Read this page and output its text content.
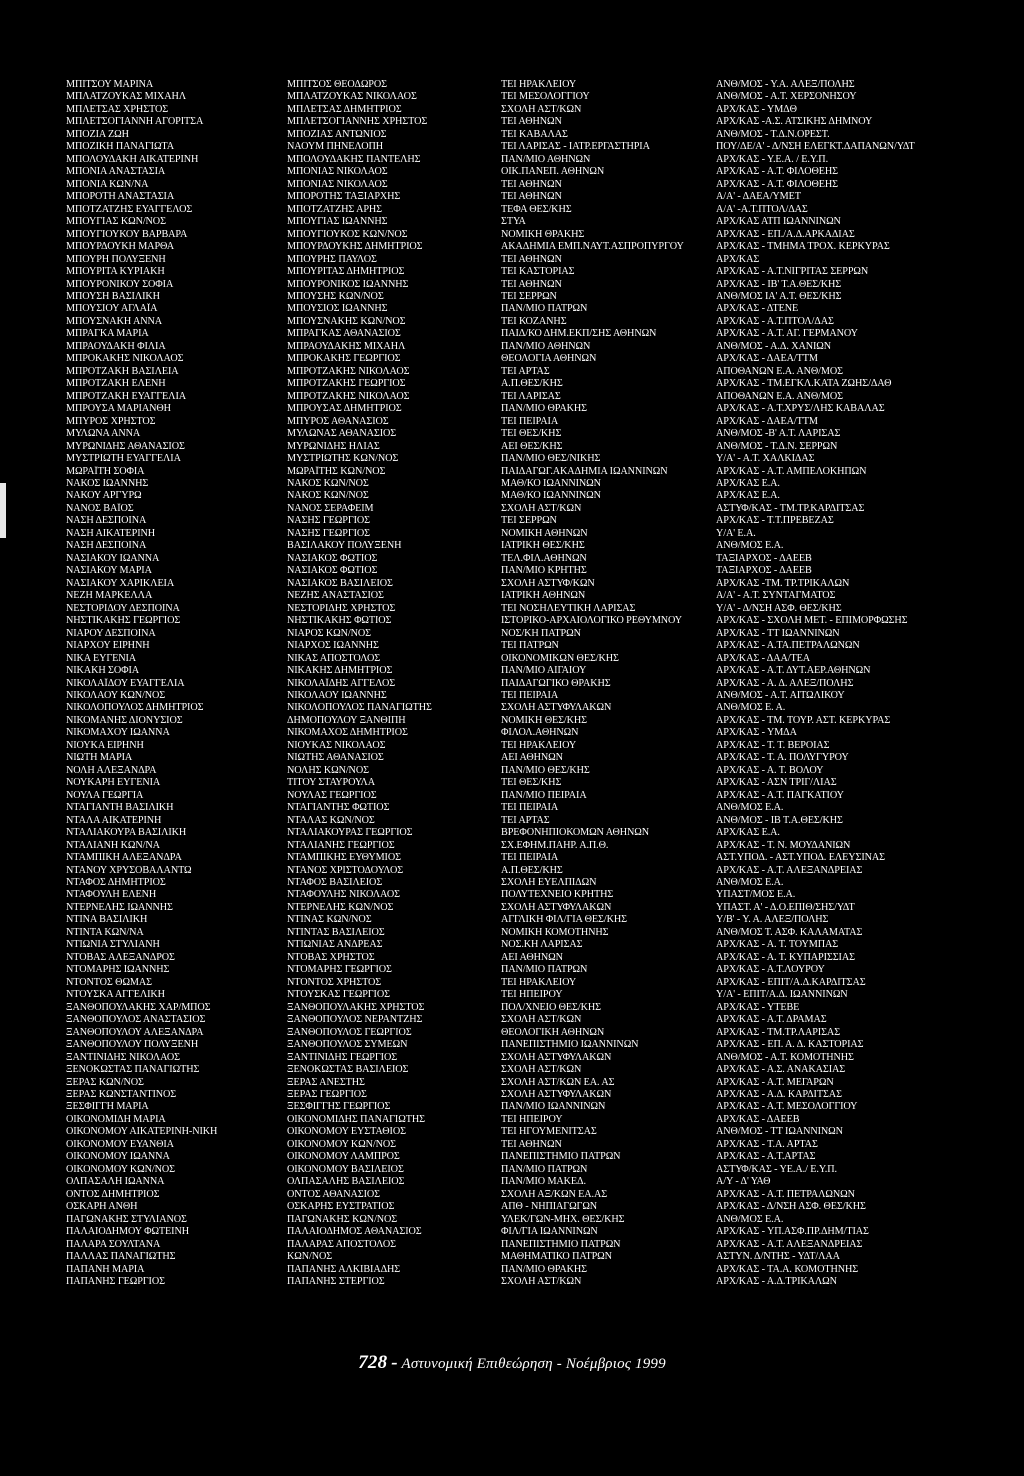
ΜΠΙΤΣΟΥ ΜΑΡΙΝΑ	ΜΠΙΤΣΟΣ ΘΕΟΔΩΡΟΣ	ΤΕΙ ΗΡΑΚΛΕΙΟΥ	ΑΝΘ/ΜΟΣ - Υ.Α. ΑΛΕΞ/ΠΟΛΗΣ
ΜΠΛΑΤΖΟΥΚΑΣ ΜΙΧΑΗΛ	ΜΠΛΑΤΖΟΥΚΑΣ ΝΙΚΟΛΑΟΣ	ΤΕΙ ΜΕΣΟΛΟΓΓΙΟΥ	ΑΝΘ/ΜΟΣ - Α.Τ. ΧΕΡΣΟΝΗΣΟΥ
ΜΠΛΕΤΣΑΣ ΧΡΗΣΤΟΣ	ΜΠΛΕΤΣΑΣ ΔΗΜΗΤΡΙΟΣ	ΣΧΟΛΗ ΑΣΤ/ΚΩΝ	ΑΡΧ/ΚΑΣ - ΥΜΔΘ
ΜΠΛΕΤΣΟΓΙΑΝΝΗ ΑΓΟΡΙΤΣΑ	ΜΠΛΕΤΣΟΓΙΑΝΝΗΣ ΧΡΗΣΤΟΣ	ΤΕΙ ΑΘΗΝΩΝ	ΑΡΧ/ΚΑΣ -Α.Σ. ΑΤΣΙΚΗΣ ΔΗΜΝΟΥ
ΜΠΟΖΙΑ ΖΩΗ	ΜΠΟΖΙΑΣ ΑΝΤΩΝΙΟΣ	ΤΕΙ ΚΑΒΑΛΑΣ	ΑΝΘ/ΜΟΣ - Τ.Δ.Ν.ΟΡΕΣΤ.
ΜΠΟΖΙΚΗ ΠΑΝΑΓΙΩΤΑ	ΝΑΟΥΜ ΠΗΝΕΛΟΠΗ	ΤΕΙ ΛΑΡΙΣΑΣ - ΙΑΤΡ.ΕΡΓΑΣΤΗΡΙΑ	ΠΟΥ/ΔΕ/Α' - Δ/ΝΣΗ ΕΛΕΓΚΤ.ΔΑΠΑΝΩΝ/ΥΔΤ
ΜΠΟΛΟΥΔΑΚΗ ΑΙΚΑΤΕΡΙΝΗ	ΜΠΟΛΟΥΔΑΚΗΣ ΠΑΝΤΕΛΗΣ	ΠΑΝ/ΜΙΟ ΑΘΗΝΩΝ	ΑΡΧ/ΚΑΣ - Υ.Ε.Α. / Ε.Υ.Π.
ΜΠΟΝΙΑ ΑΝΑΣΤΑΣΙΑ	ΜΠΟΝΙΑΣ ΝΙΚΟΛΑΟΣ	ΟΙΚ.ΠΑΝΕΠ. ΑΘΗΝΩΝ	ΑΡΧ/ΚΑΣ - Α.Τ. ΦΙΛΟΘΕΗΣ
ΜΠΟΝΙΑ ΚΩΝ/ΝΑ	ΜΠΟΝΙΑΣ ΝΙΚΟΛΑΟΣ	ΤΕΙ ΑΘΗΝΩΝ	ΑΡΧ/ΚΑΣ - Α.Τ. ΦΙΛΟΘΕΗΣ
ΜΠΟΡΟΤΗ ΑΝΑΣΤΑΣΙΑ	ΜΠΟΡΟΤΗΣ ΤΑΞΙΑΡΧΗΣ	ΤΕΙ ΑΘΗΝΩΝ	Α/Α' - ΔΑΕΑ/ΥΜΕΤ
ΜΠΟΤΖΑΤΖΗΣ ΕΥΑΓΓΕΛΟΣ	ΜΠΟΤΖΑΤΖΗΣ ΑΡΗΣ	ΤΕΦΑ ΘΕΣ/ΚΗΣ	Α/Α' -Α.Τ.ΠΤΟΛ/ΔΑΣ
ΜΠΟΥΓΙΑΣ ΚΩΝ/ΝΟΣ	ΜΠΟΥΓΙΑΣ ΙΩΑΝΝΗΣ	ΣΤΥΑ	ΑΡΧ/ΚΑΣ ΑΤΠ ΙΩΑΝΝΙΝΩΝ
ΜΠΟΥΓΙΟΥΚΟΥ ΒΑΡΒΑΡΑ	ΜΠΟΥΓΙΟΥΚΟΣ ΚΩΝ/ΝΟΣ	ΝΟΜΙΚΗ ΘΡΑΚΗΣ	ΑΡΧ/ΚΑΣ - ΕΠ./Α.Δ.ΑΡΚΑΔΙΑΣ
ΜΠΟΥΡΔΟΥΚΗ ΜΑΡΘΑ	ΜΠΟΥΡΔΟΥΚΗΣ ΔΗΜΗΤΡΙΟΣ	ΑΚΑΔΗΜΙΑ ΕΜΠ.ΝΑΥΤ.ΑΣΠΡΟΠΥΡΓΟΥ	ΑΡΧ/ΚΑΣ - ΤΜΗΜΑ ΤΡΟΧ. ΚΕΡΚΥΡΑΣ
ΜΠΟΥΡΗ ΠΟΛΥΞΕΝΗ	ΜΠΟΥΡΗΣ ΠΑΥΛΟΣ	ΤΕΙ ΑΘΗΝΩΝ	ΑΡΧ/ΚΑΣ
ΜΠΟΥΡΙΤΑ ΚΥΡΙΑΚΗ	ΜΠΟΥΡΙΤΑΣ ΔΗΜΗΤΡΙΟΣ	ΤΕΙ ΚΑΣΤΟΡΙΑΣ	ΑΡΧ/ΚΑΣ - Α.Τ.ΝΙΓΡΙΤΑΣ ΣΕΡΡΩΝ
ΜΠΟΥΡΟΝΙΚΟΥ ΣΟΦΙΑ	ΜΠΟΥΡΟΝΙΚΟΣ ΙΩΑΝΝΗΣ	ΤΕΙ ΑΘΗΝΩΝ	ΑΡΧ/ΚΑΣ - ΙΒ' Τ.Α.ΘΕΣ/ΚΗΣ
ΜΠΟΥΣΗ ΒΑΣΙΛΙΚΗ	ΜΠΟΥΣΗΣ ΚΩΝ/ΝΟΣ	ΤΕΙ ΣΕΡΡΩΝ	ΑΝΘ/ΜΟΣ ΙΑ' Α.Τ. ΘΕΣ/ΚΗΣ
ΜΠΟΥΣΙΟΥ ΑΓΛΑΪΑ	ΜΠΟΥΣΙΟΣ ΙΩΑΝΝΗΣ	ΠΑΝ/ΜΙΟ ΠΑΤΡΩΝ	ΑΡΧ/ΚΑΣ - ΔΤΕΝΕ
ΜΠΟΥΣΝΑΚΗ ΑΝΝΑ	ΜΠΟΥΣΝΑΚΗΣ ΚΩΝ/ΝΟΣ	ΤΕΙ ΚΟΖΑΝΗΣ	ΑΡΧ/ΚΑΣ - Α.Τ.ΠΤΟΛ/ΔΑΣ
ΜΠΡΑΓΚΑ ΜΑΡΙΑ	ΜΠΡΑΓΚΑΣ ΑΘΑΝΑΣΙΟΣ	ΠΑΙΔ/ΚΟ ΔΗΜ.ΕΚΠ/ΣΗΣ ΑΘΗΝΩΝ	ΑΡΧ/ΚΑΣ - Α.Τ. ΑΓ. ΓΕΡΜΑΝΟΥ
ΜΠΡΑΟΥΔΑΚΗ ΦΙΛΙΑ	ΜΠΡΑΟΥΔΑΚΗΣ ΜΙΧΑΗΛ	ΠΑΝ/ΜΙΟ ΑΘΗΝΩΝ	ΑΝΘ/ΜΟΣ - Α.Δ. ΧΑΝΙΩΝ
ΜΠΡΟΚΑΚΗΣ ΝΙΚΟΛΑΟΣ	ΜΠΡΟΚΑΚΗΣ ΓΕΩΡΓΙΟΣ	ΘΕΟΛΟΓΙΑ ΑΘΗΝΩΝ	ΑΡΧ/ΚΑΣ - ΔΑΕΑ/ΤΤΜ
ΜΠΡΟΤΖΑΚΗ ΒΑΣΙΛΕΙΑ	ΜΠΡΟΤΖΑΚΗΣ ΝΙΚΟΛΑΟΣ	ΤΕΙ ΑΡΤΑΣ	ΑΠΟΘΑΝΩΝ Ε.Α. ΑΝΘ/ΜΟΣ
ΜΠΡΟΤΖΑΚΗ ΕΛΕΝΗ	ΜΠΡΟΤΖΑΚΗΣ ΓΕΩΡΓΙΟΣ	Α.Π.ΘΕΣ/ΚΗΣ	ΑΡΧ/ΚΑΣ - ΤΜ.ΕΓΚΛ.ΚΑΤΑ ΖΩΗΣ/ΔΑΘ
ΜΠΡΟΤΖΑΚΗ ΕΥΑΓΓΕΛΙΑ	ΜΠΡΟΤΖΑΚΗΣ ΝΙΚΟΛΑΟΣ	ΤΕΙ ΛΑΡΙΣΑΣ	ΑΠΟΘΑΝΩΝ Ε.Α. ΑΝΘ/ΜΟΣ
ΜΠΡΟΥΣΑ ΜΑΡΙΑΝΘΗ	ΜΠΡΟΥΣΑΣ ΔΗΜΗΤΡΙΟΣ	ΠΑΝ/ΜΙΟ ΘΡΑΚΗΣ	ΑΡΧ/ΚΑΣ - Α.Τ.ΧΡΥΣ/ΛΗΣ ΚΑΒΑΛΑΣ
ΜΠΥΡΟΣ ΧΡΗΣΤΟΣ	ΜΠΥΡΟΣ ΑΘΑΝΑΣΙΟΣ	ΤΕΙ ΠΕΙΡΑΙΑ	ΑΡΧ/ΚΑΣ - ΔΑΕΑ/ΤΤΜ
ΜΥΛΩΝΑ ΑΝΝΑ	ΜΥΛΩΝΑΣ ΑΘΑΝΑΣΙΟΣ	ΤΕΙ ΘΕΣ/ΚΗΣ	ΑΝΘ/ΜΟΣ -Β' Α.Τ. ΛΑΡΙΣΑΣ
ΜΥΡΩΝΙΔΗΣ ΑΘΑΝΑΣΙΟΣ	ΜΥΡΩΝΙΔΗΣ ΗΛΙΑΣ	ΑΕΙ ΘΕΣ/ΚΗΣ	ΑΝΘ/ΜΟΣ - Τ.Δ.Ν. ΣΕΡΡΩΝ
ΜΥΣΤΡΙΩΤΗ ΕΥΑΓΓΕΛΙΑ	ΜΥΣΤΡΙΩΤΗΣ ΚΩΝ/ΝΟΣ	ΠΑΝ/ΜΙΟ ΘΕΣ/ΝΙΚΗΣ	Υ/Α' - Α.Τ. ΧΑΛΚΙΔΑΣ
ΜΩΡΑΪΤΗ ΣΟΦΙΑ	ΜΩΡΑΪΤΗΣ ΚΩΝ/ΝΟΣ	ΠΑΙΔΑΓΩΓ.ΑΚΑΔΗΜΙΑ ΙΩΑΝΝΙΝΩΝ	ΑΡΧ/ΚΑΣ - Α.Τ. ΑΜΠΕΛΟΚΗΠΩΝ
ΝΑΚΟΣ ΙΩΑΝΝΗΣ	ΝΑΚΟΣ ΚΩΝ/ΝΟΣ	ΜΑΘ/ΚΟ ΙΩΑΝΝΙΝΩΝ	ΑΡΧ/ΚΑΣ Ε.Α.
ΝΑΚΟΥ ΑΡΓΥΡΩ	ΝΑΚΟΣ ΚΩΝ/ΝΟΣ	ΜΑΘ/ΚΟ ΙΩΑΝΝΙΝΩΝ	ΑΡΧ/ΚΑΣ Ε.Α.
ΝΑΝΟΣ ΒΑΪΟΣ	ΝΑΝΟΣ ΣΕΡΑΦΕΙΜ	ΣΧΟΛΗ ΑΣΤ/ΚΩΝ	ΑΣΤΥΦ/ΚΑΣ - ΤΜ.ΤΡ.ΚΑΡΔΙΤΣΑΣ
ΝΑΣΗ ΔΕΣΠΟΙΝΑ	ΝΑΣΗΣ ΓΕΩΡΓΙΟΣ	ΤΕΙ ΣΕΡΡΩΝ	ΑΡΧ/ΚΑΣ - Τ.Τ.ΠΡΕΒΕΖΑΣ
ΝΑΣΗ ΑΙΚΑΤΕΡΙΝΗ	ΝΑΣΗΣ ΓΕΩΡΓΙΟΣ	ΝΟΜΙΚΗ ΑΘΗΝΩΝ	Υ/Α' Ε.Α.
ΝΑΣΗ ΔΕΣΠΟΙΝΑ	ΒΑΣΙΛΑΚΟΥ ΠΟΛΥΞΕΝΗ	ΙΑΤΡΙΚΗ ΘΕΣ/ΚΗΣ	ΑΝΘ/ΜΟΣ Ε.Α.
ΝΑΣΙΑΚΟΥ ΙΩΑΝΝΑ	ΝΑΣΙΑΚΟΣ ΦΩΤΙΟΣ	ΤΕΛ.ΦΙΛ.ΑΘΗΝΩΝ	ΤΑΞΙΑΡΧΟΣ - ΔΑΕΕΒ
ΝΑΣΙΑΚΟΥ ΜΑΡΙΑ	ΝΑΣΙΑΚΟΣ ΦΩΤΙΟΣ	ΠΑΝ/ΜΙΟ ΚΡΗΤΗΣ	ΤΑΞΙΑΡΧΟΣ - ΔΑΕΕΒ
ΝΑΣΙΑΚΟΥ ΧΑΡΙΚΛΕΙΑ	ΝΑΣΙΑΚΟΣ ΒΑΣΙΛΕΙΟΣ	ΣΧΟΛΗ ΑΣΤΥΦ/ΚΩΝ	ΑΡΧ/ΚΑΣ -ΤΜ. ΤΡ.ΤΡΙΚΑΛΩΝ
ΝΕΖΗ ΜΑΡΚΕΛΛΑ	ΝΕΖΗΣ ΑΝΑΣΤΑΣΙΟΣ	ΙΑΤΡΙΚΗ ΑΘΗΝΩΝ	Α/Α' - Α.Τ. ΣΥΝΤΑΓΜΑΤΟΣ
ΝΕΣΤΟΡΙΔΟΥ ΔΕΣΠΟΙΝΑ	ΝΕΣΤΟΡΙΔΗΣ ΧΡΗΣΤΟΣ	ΤΕΙ ΝΟΣΗΛΕΥΤΙΚΗ ΛΑΡΙΣΑΣ	Υ/Α' - Δ/ΝΣΗ ΑΣΦ. ΘΕΣ/ΚΗΣ
ΝΗΣΤΙΚΑΚΗΣ ΓΕΩΡΓΙΟΣ	ΝΗΣΤΙΚΑΚΗΣ ΦΩΤΙΟΣ	ΙΣΤΟΡΙΚΟ-ΑΡΧΑΙΟΛΟΓΙΚΟ ΡΕΘΥΜΝΟΥ	ΑΡΧ/ΚΑΣ - ΣΧΟΛΗ ΜΕΤ. - ΕΠΙΜΟΡΦΩΣΗΣ
ΝΙΑΡΟΥ ΔΕΣΠΟΙΝΑ	ΝΙΑΡΟΣ ΚΩΝ/ΝΟΣ	ΝΟΣ/ΚΗ ΠΑΤΡΩΝ	ΑΡΧ/ΚΑΣ - ΤΤ ΙΩΑΝΝΙΝΩΝ
ΝΙΑΡΧΟΥ ΕΙΡΗΝΗ	ΝΙΑΡΧΟΣ ΙΩΑΝΝΗΣ	ΤΕΙ ΠΑΤΡΩΝ	ΑΡΧ/ΚΑΣ - Α.ΤΑ.ΠΕΤΡΑΛΩΝΩΝ
ΝΙΚΑ ΕΥΓΕΝΙΑ	ΝΙΚΑΣ ΑΠΟΣΤΟΛΟΣ	ΟΙΚΟΝΟΜΙΚΩΝ ΘΕΣ/ΚΗΣ	ΑΡΧ/ΚΑΣ - ΔΑΑ/ΤΕΑ
ΝΙΚΑΚΗ ΣΟΦΙΑ	ΝΙΚΑΚΗΣ ΔΗΜΗΤΡΙΟΣ	ΠΑΝ/ΜΙΟ ΑΙΓΑΙΟΥ	ΑΡΧ/ΚΑΣ - Α.Τ. ΔΥΤ.ΑΕΡ.ΑΘΗΝΩΝ
ΝΙΚΟΛΑΪΔΟΥ ΕΥΑΓΓΕΛΙΑ	ΝΙΚΟΛΑΪΔΗΣ ΑΓΓΕΛΟΣ	ΠΑΙΔΑΓΩΓΙΚΟ ΘΡΑΚΗΣ	ΑΡΧ/ΚΑΣ - Α. Δ. ΑΛΕΞ/ΠΟΛΗΣ
ΝΙΚΟΛΑΟΥ ΚΩΝ/ΝΟΣ	ΝΙΚΟΛΑΟΥ ΙΩΑΝΝΗΣ	ΤΕΙ ΠΕΙΡΑΙΑ	ΑΝΘ/ΜΟΣ - Α.Τ. ΑΙΤΩΛΙΚΟΥ
ΝΙΚΟΛΟΠΟΥΛΟΣ ΔΗΜΗΤΡΙΟΣ	ΝΙΚΟΛΟΠΟΥΛΟΣ ΠΑΝΑΓΙΩΤΗΣ	ΣΧΟΛΗ ΑΣΤΥΦΥΛΑΚΩΝ	ΑΝΘ/ΜΟΣ Ε. Α.
ΝΙΚΟΜΑΝΗΣ ΔΙΟΝΥΣΙΟΣ	ΔΗΜΟΠΟΥΛΟΥ ΞΑΝΘΙΠΗ	ΝΟΜΙΚΗ ΘΕΣ/ΚΗΣ	ΑΡΧ/ΚΑΣ - ΤΜ. ΤΟΥΡ. ΑΣΤ. ΚΕΡΚΥΡΑΣ
ΝΙΚΟΜΑΧΟΥ ΙΩΑΝΝΑ	ΝΙΚΟΜΑΧΟΣ ΔΗΜΗΤΡΙΟΣ	ΦΙΛΟΛ.ΑΘΗΝΩΝ	ΑΡΧ/ΚΑΣ - ΥΜΔΑ
ΝΙΟΥΚΑ ΕΙΡΗΝΗ	ΝΙΟΥΚΑΣ ΝΙΚΟΛΑΟΣ	ΤΕΙ ΗΡΑΚΛΕΙΟΥ	ΑΡΧ/ΚΑΣ - Τ. Τ. ΒΕΡΟΙΑΣ
ΝΙΩΤΗ ΜΑΡΙΑ	ΝΙΩΤΗΣ ΑΘΑΝΑΣΙΟΣ	ΑΕΙ ΑΘΗΝΩΝ	ΑΡΧ/ΚΑΣ - Τ. Α. ΠΟΛΥΓΥΡΟΥ
ΝΟΛΗ ΑΛΕΞΑΝΔΡΑ	ΝΟΛΗΣ ΚΩΝ/ΝΟΣ	ΠΑΝ/ΜΙΟ ΘΕΣ/ΚΗΣ	ΑΡΧ/ΚΑΣ - Α. Τ. ΒΟΛΟΥ
ΝΟΥΚΑΡΗ ΕΥΓΕΝΙΑ	ΤΙΤΟΥ ΣΤΑΥΡΟΥΛΑ	ΤΕΙ ΘΕΣ/ΚΗΣ	ΑΡΧ/ΚΑΣ - ΑΣΝ ΤΡΙΓ/ΛΙΑΣ
ΝΟΥΛΑ ΓΕΩΡΓΙΑ	ΝΟΥΛΑΣ ΓΕΩΡΓΙΟΣ	ΠΑΝ/ΜΙΟ ΠΕΙΡΑΙΑ	ΑΡΧ/ΚΑΣ - Α.Τ. ΠΑΓΚΑΤΙΟΥ
ΝΤΑΓΙΑΝΤΗ ΒΑΣΙΛΙΚΗ	ΝΤΑΓΙΑΝΤΗΣ ΦΩΤΙΟΣ	ΤΕΙ ΠΕΙΡΑΙΑ	ΑΝΘ/ΜΟΣ Ε.Α.
ΝΤΑΛΑ ΑΙΚΑΤΕΡΙΝΗ	ΝΤΑΛΑΣ ΚΩΝ/ΝΟΣ	ΤΕΙ ΑΡΤΑΣ	ΑΝΘ/ΜΟΣ - ΙΒ Τ.Α.ΘΕΣ/ΚΗΣ
ΝΤΑΛΙΑΚΟΥΡΑ ΒΑΣΙΛΙΚΗ	ΝΤΑΛΙΑΚΟΥΡΑΣ ΓΕΩΡΓΙΟΣ	ΒΡΕΦΟΝΗΠΙΟΚΟΜΩΝ ΑΘΗΝΩΝ	ΑΡΧ/ΚΑΣ Ε.Α.
ΝΤΑΛΙΑΝΗ ΚΩΝ/ΝΑ	ΝΤΑΛΙΑΝΗΣ ΓΕΩΡΓΙΟΣ	ΣΧ.ΕΦΗΜ.ΠΑΗΡ. Α.Π.Θ.	ΑΡΧ/ΚΑΣ - Τ. Ν. ΜΟΥΔΑΝΙΩΝ
ΝΤΑΜΠΙΚΗ ΑΛΕΞΑΝΔΡΑ	ΝΤΑΜΠΙΚΗΣ ΕΥΘΥΜΙΟΣ	ΤΕΙ ΠΕΙΡΑΙΑ	ΑΣΤ.ΥΠΟΔ. - ΑΣΤ.ΥΠΟΔ. ΕΛΕΥΣΙΝΑΣ
ΝΤΑΝΟΥ ΧΡΥΣΟΒΑΛΑΝΤΩ	ΝΤΑΝΟΣ ΧΡΙΣΤΟΔΟΥΛΟΣ	Α.Π.ΘΕΣ/ΚΗΣ	ΑΡΧ/ΚΑΣ - Α.Τ. ΑΛΕΞΑΝΔΡΕΙΑΣ
ΝΤΑΦΟΣ ΔΗΜΗΤΡΙΟΣ	ΝΤΑΦΟΣ ΒΑΣΙΛΕΙΟΣ	ΣΧΟΛΗ ΕΥΕΛΠΙΔΩΝ	ΑΝΘ/ΜΟΣ Ε.Α.
ΝΤΑΦΟΥΛΗ ΕΛΕΝΗ	ΝΤΑΦΟΥΛΗΣ ΝΙΚΟΛΑΟΣ	ΠΟΛΥΤΕΧΝΕΙΟ ΚΡΗΤΗΣ	ΥΠΑΣΤ/ΜΟΣ Ε.Α.
ΝΤΕΡΝΕΛΗΣ ΙΩΑΝΝΗΣ	ΝΤΕΡΝΕΛΗΣ ΚΩΝ/ΝΟΣ	ΣΧΟΛΗ ΑΣΤΥΦΥΛΑΚΩΝ	ΥΠΑΣΤ. Α' - Δ.Ο.ΕΠΙΘ/ΣΗΣ/ΥΔΤ
ΝΤΙΝΑ ΒΑΣΙΛΙΚΗ	ΝΤΙΝΑΣ ΚΩΝ/ΝΟΣ	ΑΓΓΛΙΚΗ ΦΙΛ/ΓΙΑ ΘΕΣ/ΚΗΣ	Υ/Β' - Υ. Α. ΑΛΕΞ/ΠΟΛΗΣ
ΝΤΙΝΤΑ ΚΩΝ/ΝΑ	ΝΤΙΝΤΑΣ ΒΑΣΙΛΕΙΟΣ	ΝΟΜΙΚΗ ΚΟΜΟΤΗΝΗΣ	ΑΝΘ/ΜΟΣ Τ. ΑΣΦ. ΚΑΛΑΜΑΤΑΣ
ΝΤΙΩΝΙΑ ΣΤΥΛΙΑΝΗ	ΝΤΙΩΝΙΑΣ ΑΝΔΡΕΑΣ	ΝΟΣ.ΚΗ ΛΑΡΙΣΑΣ	ΑΡΧ/ΚΑΣ - Α. Τ. ΤΟΥΜΠΑΣ
ΝΤΟΒΑΣ ΑΛΕΞΑΝΔΡΟΣ	ΝΤΟΒΑΣ ΧΡΗΣΤΟΣ	ΑΕΙ ΑΘΗΝΩΝ	ΑΡΧ/ΚΑΣ - Α. Τ. ΚΥΠΑΡΙΣΣΙΑΣ
ΝΤΟΜΑΡΗΣ ΙΩΑΝΝΗΣ	ΝΤΟΜΑΡΗΣ ΓΕΩΡΓΙΟΣ	ΠΑΝ/ΜΙΟ ΠΑΤΡΩΝ	ΑΡΧ/ΚΑΣ - Α.Τ.ΛΟΥΡΟΥ
ΝΤΟΝΤΟΣ ΘΩΜΑΣ	ΝΤΟΝΤΟΣ ΧΡΗΣΤΟΣ	ΤΕΙ ΗΡΑΚΛΕΙΟΥ	ΑΡΧ/ΚΑΣ - ΕΠΙΤ/Α.Δ.ΚΑΡΔΙΤΣΑΣ
ΝΤΟΥΣΚΑ ΑΓΓΕΛΙΚΗ	ΝΤΟΥΣΚΑΣ ΓΕΩΡΓΙΟΣ	ΤΕΙ ΗΠΕΙΡΟΥ	Υ/Α' - ΕΠΙΤ/Α.Δ. ΙΩΑΝΝΙΝΩΝ
ΞΑΝΘΟΠΟΥΛΑΚΗΣ ΧΑΡ/ΜΠΟΣ	ΞΑΝΘΟΠΟΥΛΑΚΗΣ ΧΡΗΣΤΟΣ	ΠΟΛ/ΧΝΕΙΟ ΘΕΣ/ΚΗΣ	ΑΡΧ/ΚΑΣ - ΥΤΕΒΕ
ΞΑΝΘΟΠΟΥΛΟΣ ΑΝΑΣΤΑΣΙΟΣ	ΞΑΝΘΟΠΟΥΛΟΣ ΝΕΡΑΝΤΖΗΣ	ΣΧΟΛΗ ΑΣΤ/ΚΩΝ	ΑΡΧ/ΚΑΣ - Α.Τ. ΔΡΑΜΑΣ
ΞΑΝΘΟΠΟΥΛΟΥ ΑΛΕΞΑΝΔΡΑ	ΞΑΝΘΟΠΟΥΛΟΣ ΓΕΩΡΓΙΟΣ	ΘΕΟΛΟΓΙΚΗ ΑΘΗΝΩΝ	ΑΡΧ/ΚΑΣ - ΤΜ.ΤΡ.ΛΑΡΙΣΑΣ
ΞΑΝΘΟΠΟΥΛΟΥ ΠΟΛΥΞΕΝΗ	ΞΑΝΘΟΠΟΥΛΟΣ ΣΥΜΕΩΝ	ΠΑΝΕΠΙΣΤΗΜΙΟ ΙΩΑΝΝΙΝΩΝ	ΑΡΧ/ΚΑΣ - ΕΠ. Α. Δ. ΚΑΣΤΟΡΙΑΣ
ΞΑΝΤΙΝΙΔΗΣ ΝΙΚΟΛΑΟΣ	ΞΑΝΤΙΝΙΔΗΣ ΓΕΩΡΓΙΟΣ	ΣΧΟΛΗ ΑΣΤΥΦΥΛΑΚΩΝ	ΑΝΘ/ΜΟΣ - Α.Τ. ΚΟΜΟΤΗΝΗΣ
ΞΕΝΟΚΩΣΤΑΣ ΠΑΝΑΓΙΩΤΗΣ	ΞΕΝΟΚΩΣΤΑΣ ΒΑΣΙΛΕΙΟΣ	ΣΧΟΛΗ ΑΣΤ/ΚΩΝ	ΑΡΧ/ΚΑΣ - Α.Σ. ΑΝΑΚΑΣΙΑΣ
ΞΕΡΑΣ ΚΩΝ/ΝΟΣ	ΞΕΡΑΣ ΑΝΕΣΤΗΣ	ΣΧΟΛΗ ΑΣΤ/ΚΩΝ ΕΑ. ΑΣ	ΑΡΧ/ΚΑΣ - Α.Τ. ΜΕΓΑΡΩΝ
ΞΕΡΑΣ ΚΩΝΣΤΑΝΤΙΝΟΣ	ΞΕΡΑΣ ΓΕΩΡΓΙΟΣ	ΣΧΟΛΗ ΑΣΤΥΦΥΛΑΚΩΝ	ΑΡΧ/ΚΑΣ - Α.Δ. ΚΑΡΔΙΤΣΑΣ
ΞΕΣΦΙΓΓΗ ΜΑΡΙΑ	ΞΕΣΦΙΓΓΗΣ ΓΕΩΡΓΙΟΣ	ΠΑΝ/ΜΙΟ ΙΩΑΝΝΙΝΩΝ	ΑΡΧ/ΚΑΣ - Α.Τ. ΜΕΣΟΛΟΓΓΙΟΥ
ΟΙΚΟΝΟΜΙΔΗ ΜΑΡΙΑ	ΟΙΚΟΝΟΜΙΔΗΣ ΠΑΝΑΓΙΩΤΗΣ	ΤΕΙ ΗΠΕΙΡΟΥ	ΑΡΧ/ΚΑΣ - ΔΑΕΕΒ
ΟΙΚΟΝΟΜΟΥ ΑΙΚΑΤΕΡΙΝΗ-ΝΙΚΗ	ΟΙΚΟΝΟΜΟΥ ΕΥΣΤΑΘΙΟΣ	ΤΕΙ ΗΓΟΥΜΕΝΙΤΣΑΣ	ΑΝΘ/ΜΟΣ - ΤΤ ΙΩΑΝΝΙΝΩΝ
ΟΙΚΟΝΟΜΟΥ ΕΥΑΝΘΙΑ	ΟΙΚΟΝΟΜΟΥ ΚΩΝ/ΝΟΣ	ΤΕΙ ΑΘΗΝΩΝ	ΑΡΧ/ΚΑΣ - Τ.Α. ΑΡΤΑΣ
ΟΙΚΟΝΟΜΟΥ ΙΩΑΝΝΑ	ΟΙΚΟΝΟΜΟΥ ΛΑΜΠΡΟΣ	ΠΑΝΕΠΙΣΤΗΜΙΟ ΠΑΤΡΩΝ	ΑΡΧ/ΚΑΣ - Α.Τ.ΑΡΤΑΣ
ΟΙΚΟΝΟΜΟΥ ΚΩΝ/ΝΟΣ	ΟΙΚΟΝΟΜΟΥ ΒΑΣΙΛΕΙΟΣ	ΠΑΝ/ΜΙΟ ΠΑΤΡΩΝ	ΑΣΤΥΦ/ΚΑΣ - ΥΕ.Α./ Ε.Υ.Π.
ΟΛΠΑΣΑΛΗ ΙΩΑΝΝΑ	ΟΛΠΑΣΑΛΗΣ ΒΑΣΙΛΕΙΟΣ	ΠΑΝ/ΜΙΟ ΜΑΚΕΔ.	Α/Υ - Δ' ΥΑΘ
ΟΝΤΟΣ ΔΗΜΗΤΡΙΟΣ	ΟΝΤΟΣ ΑΘΑΝΑΣΙΟΣ	ΣΧΟΛΗ ΑΞ/ΚΩΝ ΕΑ.ΑΣ	ΑΡΧ/ΚΑΣ - Α.Τ. ΠΕΤΡΑΛΩΝΩΝ
ΟΣΚΑΡΗ ΑΝΘΗ	ΟΣΚΑΡΗΣ ΕΥΣΤΡΑΤΙΟΣ	ΑΠΘ - ΝΗΠΙΑΓΩΓΩΝ	ΑΡΧ/ΚΑΣ - Δ/ΝΣΗ ΑΣΦ. ΘΕΣ/ΚΗΣ
ΠΑΓΩΝΑΚΗΣ ΣΤΥΛΙΑΝΟΣ	ΠΑΓΩΝΑΚΗΣ ΚΩΝ/ΝΟΣ	ΥΛΕΚ/ΓΩΝ-ΜΗΧ. ΘΕΣ/ΚΗΣ	ΑΝΘ/ΜΟΣ Ε.Α.
ΠΑΛΑΙΟΔΗΜΟΥ ΦΩΤΕΙΝΗ	ΠΑΛΑΙΟΔΗΜΟΣ ΑΘΑΝΑΣΙΟΣ	ΦΙΛ/ΓΙΑ ΙΩΑΝΝΙΝΩΝ	ΑΡΧ/ΚΑΣ - ΥΠ.ΑΣΦ.ΠΡ.ΔΗΜ/ΤΙΑΣ
ΠΑΛΑΡΑ ΣΟΥΛΤΑΝΑ	ΠΑΛΑΡΑΣ ΑΠΟΣΤΟΛΟΣ	ΠΑΝΕΠΙΣΤΗΜΙΟ ΠΑΤΡΩΝ	ΑΡΧ/ΚΑΣ - Α.Τ. ΑΛΕΞΑΝΔΡΕΙΑΣ
ΠΑΛΛΑΣ ΠΑΝΑΓΙΩΤΗΣ	ΚΩΝ/ΝΟΣ	ΜΑΘΗΜΑΤΙΚΟ ΠΑΤΡΩΝ	ΑΣΤΥΝ. Δ/ΝΤΗΣ - ΥΔΤ/ΛΑΑ
ΠΑΠΑΝΗ ΜΑΡΙΑ	ΠΑΠΑΝΗΣ ΑΛΚΙΒΙΑΔΗΣ	ΠΑΝ/ΜΙΟ ΘΡΑΚΗΣ	ΑΡΧ/ΚΑΣ - ΤΑ.Α. ΚΟΜΟΤΗΝΗΣ
ΠΑΠΑΝΗΣ ΓΕΩΡΓΙΟΣ	ΠΑΠΑΝΗΣ ΣΤΕΡΓΙΟΣ	ΣΧΟΛΗ ΑΣΤ/ΚΩΝ	ΑΡΧ/ΚΑΣ - Α.Δ.ΤΡΙΚΑΛΩΝ
728 - Αστυνομική Επιθεώρηση - Νοέμβριος 1999
